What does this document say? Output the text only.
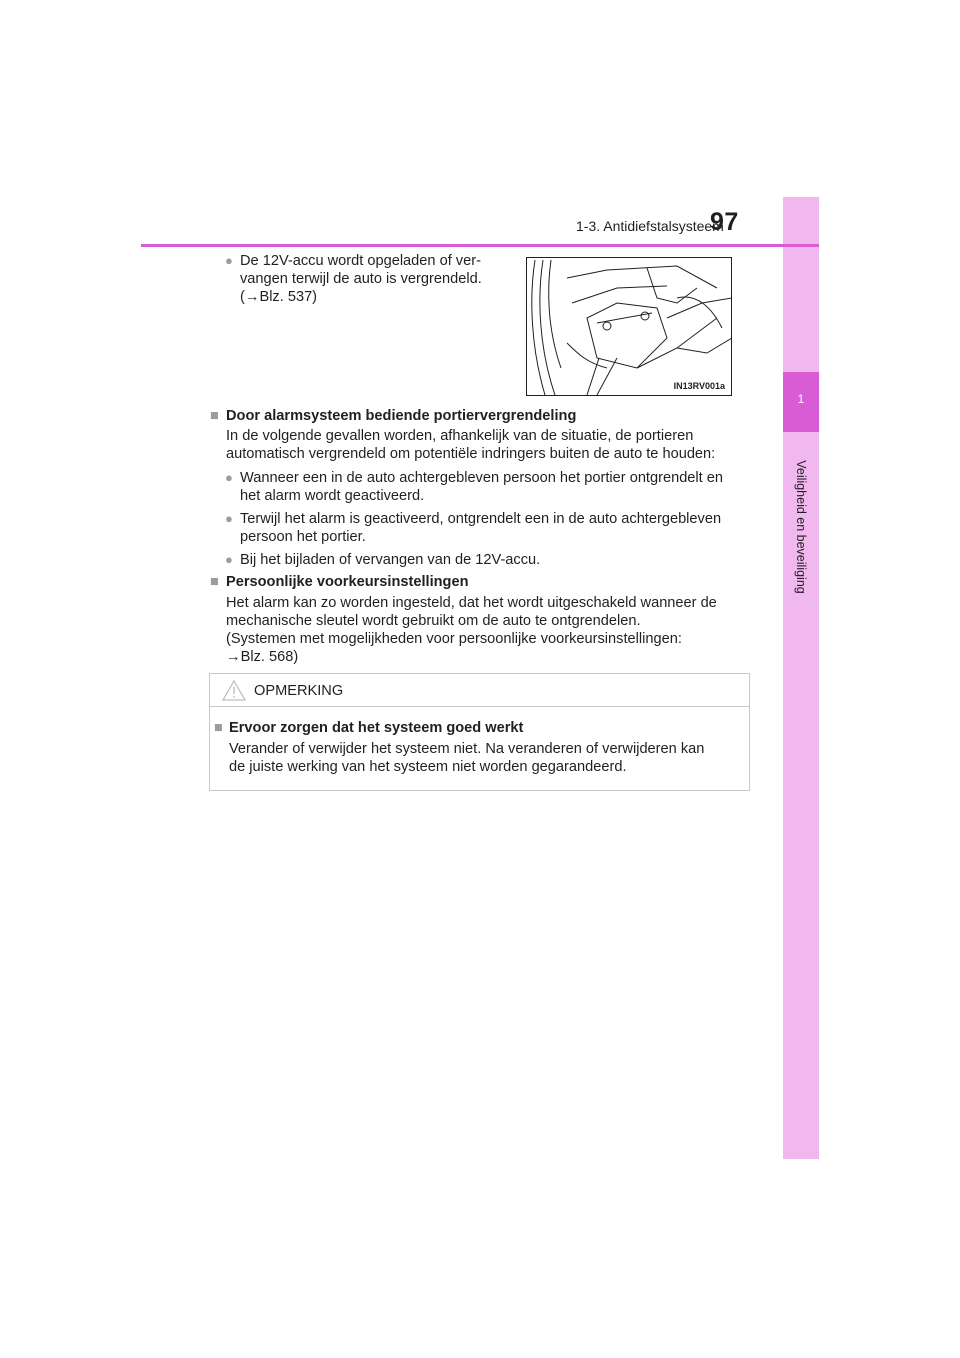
1
Veiligheid en beveiliging
1-3. Antidiefstalsysteem
97
● De 12V-accu wordt opgeladen of ver-
vangen terwijl de auto is vergrendeld.
(→Blz. 537)
IN13RV001a
■ Door alarmsysteem bediende portiervergrendeling
In de volgende gevallen worden, afhankelijk van de situatie, de portieren
automatisch vergrendeld om potentiële indringers buiten de auto te houden:
● Wanneer een in de auto achtergebleven persoon het portier ontgrendelt en
het alarm wordt geactiveerd.
● Terwijl het alarm is geactiveerd, ontgrendelt een in de auto achtergebleven
persoon het portier.
● Bij het bijladen of vervangen van de 12V-accu.
■ Persoonlijke voorkeursinstellingen
Het alarm kan zo worden ingesteld, dat het wordt uitgeschakeld wanneer de
mechanische sleutel wordt gebruikt om de auto te ontgrendelen.
(Systemen met mogelijkheden voor persoonlijke voorkeursinstellingen:
→Blz. 568)
OPMERKING
■ Ervoor zorgen dat het systeem goed werkt
Verander of verwijder het systeem niet. Na veranderen of verwijderen kan
de juiste werking van het systeem niet worden gegarandeerd.
